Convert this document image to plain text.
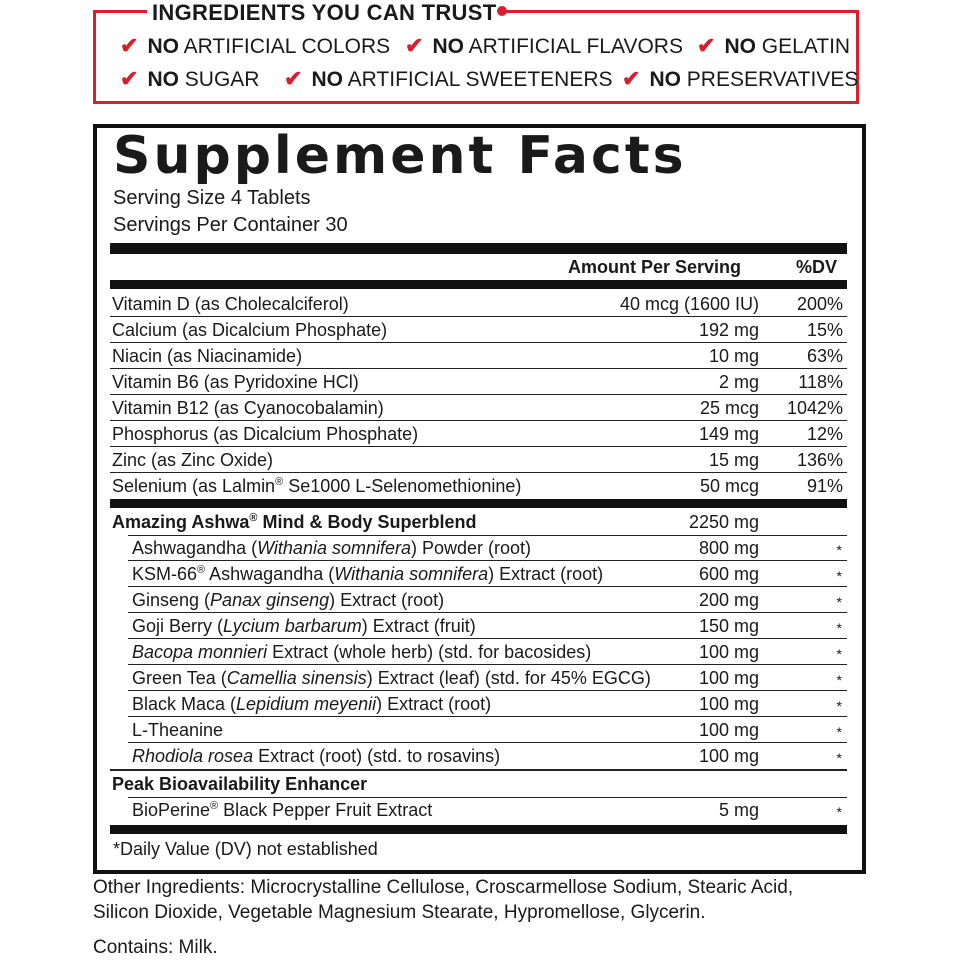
INGREDIENTS YOU CAN TRUST
✔ NO ARTIFICIAL COLORS ✔ NO ARTIFICIAL FLAVORS ✔ NO GELATIN
✔ NO SUGAR ✔ NO ARTIFICIAL SWEETENERS ✔ NO PRESERVATIVES
Supplement Facts
Serving Size 4 Tablets
Servings Per Container 30
Amount Per Serving	%DV
Vitamin D (as Cholecalciferol)	40 mcg (1600 IU) 200%
Calcium (as Dicalcium Phosphate)	192 mg	15%
Niacin (as Niacinamide)	10 mg	63%
Vitamin B6 (as Pyridoxine HCl)	2 mg 118%
Vitamin B12 (as Cyanocobalamin)	25 mcg 1042%
Phosphorus (as Dicalcium Phosphate)	149 mg	12%
Zinc (as Zinc Oxide)	15 mg 136%
Selenium (as Lalmin® Se1000 L-Selenomethionine)	50 mcg	91%
Amazing Ashwa® Mind & Body Superblend	2250 mg
Ashwagandha (Withania somnifera) Powder (root)	800 mg	*
KSM-66® Ashwagandha (Withania somnifera) Extract (root)	600 mg	*
Ginseng (Panax ginseng) Extract (root)	200 mg	*
Goji Berry (Lycium barbarum) Extract (fruit)	150 mg	*
Bacopa monnieri Extract (whole herb) (std. for bacosides)	100 mg	*
Green Tea (Camellia sinensis) Extract (leaf) (std. for 45% EGCG)	100 mg	*
Black Maca (Lepidium meyenii) Extract (root)	100 mg	*
L-Theanine	100 mg	*
Rhodiola rosea Extract (root) (std. to rosavins)	100 mg	*
Peak Bioavailability Enhancer
BioPerine® Black Pepper Fruit Extract	5 mg	*
*Daily Value (DV) not established
Other Ingredients: Microcrystalline Cellulose, Croscarmellose Sodium, Stearic Acid,
Silicon Dioxide, Vegetable Magnesium Stearate, Hypromellose, Glycerin.
Contains: Milk.
